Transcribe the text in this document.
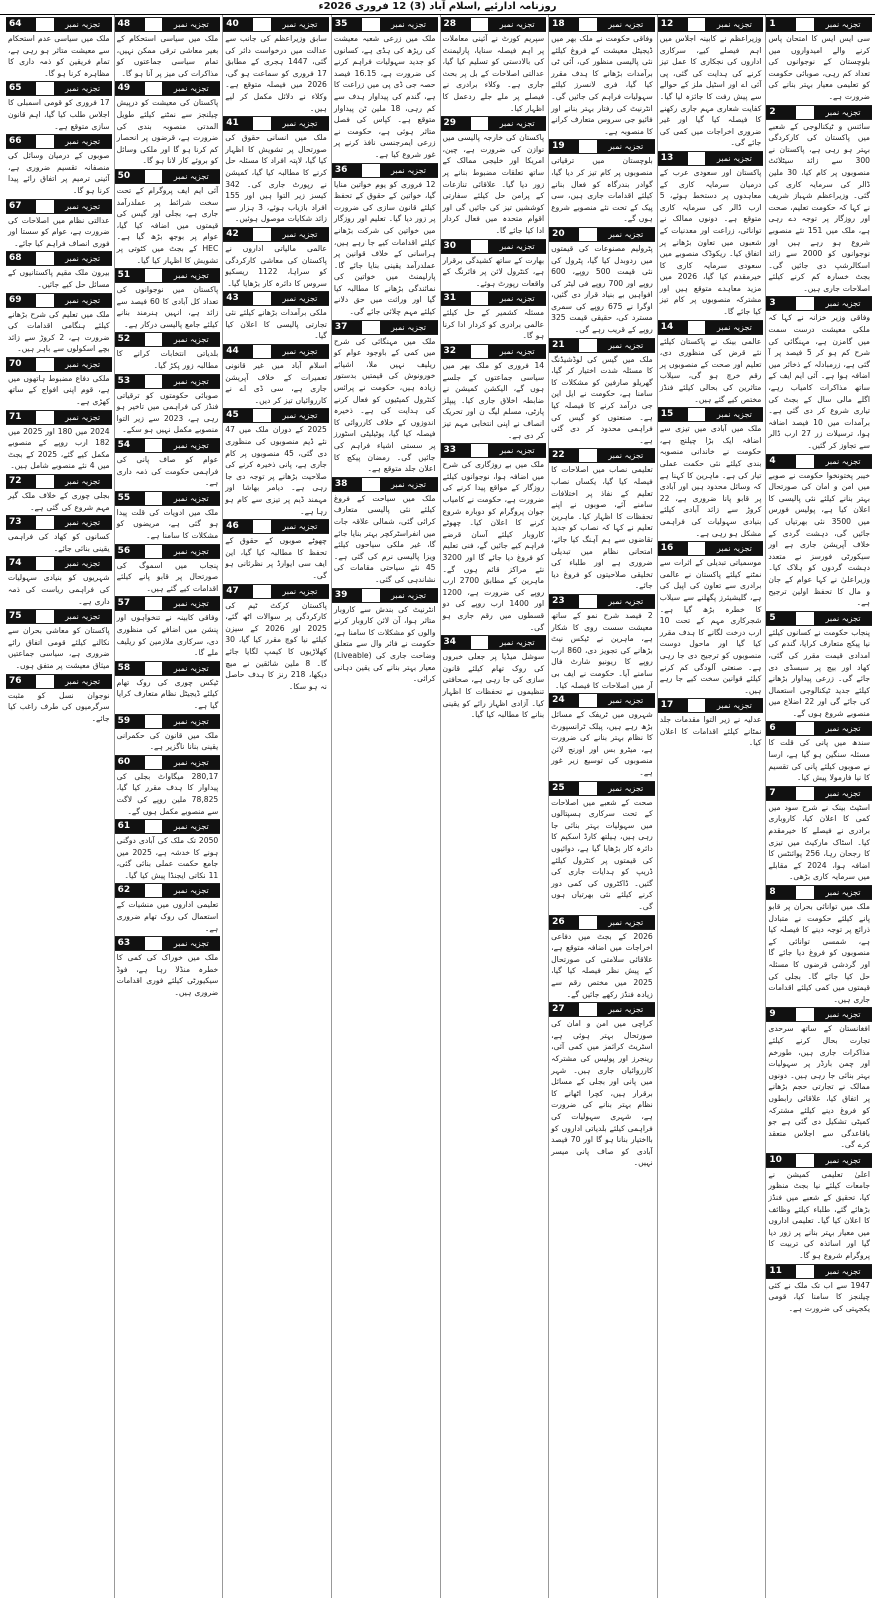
روزنامہ ادارئیے ,اسلام آباد (3) 12 فروری 2026ء
1	تجزیہ نمبر
سی ایس ایس کا امتحان پاس کرنے والے امیدواروں میں بلوچستان کے نوجوانوں کی تعداد کم رہی، صوبائی حکومت کو تعلیمی معیار بہتر بنانے کی ضرورت ہے۔
2	تجزیہ نمبر
سائنس و ٹیکنالوجی کے شعبے میں پاکستان کی کارکردگی بہتر ہو رہی ہے، پاکستان نے 300 سے زائد سیٹلائٹ منصوبوں پر کام کیا، 30 ملین ڈالر کی سرمایہ کاری کی گئی۔ وزیراعظم شہباز شریف نے کہا کہ حکومت تعلیم، صحت اور روزگار پر توجہ دے رہی ہے، ملک میں 151 نئے منصوبے شروع ہو رہے ہیں اور نوجوانوں کو 2000 سے زائد اسکالرشپ دی جائیں گی۔ بجٹ خسارہ کم کرنے کیلئے اصلاحات جاری ہیں۔
3	تجزیہ نمبر
وفاقی وزیر خزانہ نے کہا کہ ملکی معیشت درست سمت میں گامزن ہے، مہنگائی کی شرح کم ہو کر 5 فیصد پر آ گئی ہے، زرمبادلہ کے ذخائر میں اضافہ ہوا ہے۔ آئی ایم ایف کے ساتھ مذاکرات کامیاب رہے، اگلے مالی سال کے بجٹ کی تیاری شروع کر دی گئی ہے۔ برآمدات میں 10 فیصد اضافہ ہوا، ترسیلات زر 27 ارب ڈالر سے تجاوز کر گئیں۔
4	تجزیہ نمبر
خیبر پختونخوا حکومت نے صوبے میں امن و امان کی صورتحال بہتر بنانے کیلئے نئی پالیسی کا اعلان کیا ہے، پولیس فورس میں 3500 نئی بھرتیاں کی جائیں گی، دہشت گردی کے خلاف آپریشن جاری ہے اور سیکورٹی فورسز نے متعدد دہشت گردوں کو ہلاک کیا۔ وزیراعلیٰ نے کہا عوام کے جان و مال کا تحفظ اولین ترجیح ہے۔
5	تجزیہ نمبر
پنجاب حکومت نے کسانوں کیلئے نیا پیکج متعارف کرایا، گندم کی امدادی قیمت مقرر کی گئی، کھاد اور بیج پر سبسڈی دی جائے گی۔ زرعی پیداوار بڑھانے کیلئے جدید ٹیکنالوجی استعمال کی جائے گی اور 22 اضلاع میں منصوبے شروع ہوں گے۔
6	تجزیہ نمبر
سندھ میں پانی کی قلت کا مسئلہ سنگین ہو گیا ہے، ارسا نے صوبوں کیلئے پانی کی تقسیم کا نیا فارمولا پیش کیا۔
7	تجزیہ نمبر
اسٹیٹ بینک نے شرح سود میں کمی کا اعلان کیا، کاروباری برادری نے فیصلے کا خیرمقدم کیا۔ اسٹاک مارکیٹ میں تیزی کا رجحان رہا، 256 پوائنٹس کا اضافہ ہوا، 2024 کے مقابلے میں سرمایہ کاری بڑھی۔
8	تجزیہ نمبر
ملک میں توانائی بحران پر قابو پانے کیلئے حکومت نے متبادل ذرائع پر توجہ دینے کا فیصلہ کیا ہے، شمسی توانائی کے منصوبوں کو فروغ دیا جائے گا اور گردشی قرضوں کا مسئلہ حل کیا جائے گا۔ بجلی کی قیمتوں میں کمی کیلئے اقدامات جاری ہیں۔
9	تجزیہ نمبر
افغانستان کے ساتھ سرحدی تجارت بحال کرنے کیلئے مذاکرات جاری ہیں، طورخم اور چمن بارڈر پر سہولیات بہتر بنائی جا رہی ہیں۔ دونوں ممالک نے تجارتی حجم بڑھانے پر اتفاق کیا، علاقائی رابطوں کو فروغ دینے کیلئے مشترکہ کمیٹی تشکیل دی گئی ہے جو باقاعدگی سے اجلاس منعقد کرے گی۔
10	تجزیہ نمبر
اعلیٰ تعلیمی کمیشن نے جامعات کیلئے نیا بجٹ منظور کیا، تحقیق کے شعبے میں فنڈز بڑھائے گئے، طلباء کیلئے وظائف کا اعلان کیا گیا۔ تعلیمی اداروں میں معیار بہتر بنانے پر زور دیا گیا اور اساتذہ کی تربیت کا پروگرام شروع ہو گا۔
11	تجزیہ نمبر
1947 سے اب تک ملک نے کئی چیلنجز کا سامنا کیا، قومی یکجہتی کی ضرورت ہے۔
12	تجزیہ نمبر
وزیراعظم نے کابینہ اجلاس میں اہم فیصلے کیے، سرکاری اداروں کی نجکاری کا عمل تیز کرنے کی ہدایت کی گئی، پی آئی اے اور اسٹیل ملز کے حوالے سے پیش رفت کا جائزہ لیا گیا۔ کفایت شعاری مہم جاری رکھنے کا فیصلہ کیا گیا اور غیر ضروری اخراجات میں کمی کی جائے گی۔
13	تجزیہ نمبر
پاکستان اور سعودی عرب کے درمیان سرمایہ کاری کے معاہدوں پر دستخط ہوئے، 5 ارب ڈالر کی سرمایہ کاری متوقع ہے۔ دونوں ممالک نے توانائی، زراعت اور معدنیات کے شعبوں میں تعاون بڑھانے پر اتفاق کیا۔ ریکوڈک منصوبے میں سعودی سرمایہ کاری کا خیرمقدم کیا گیا، 2026 میں مزید معاہدے متوقع ہیں اور مشترکہ منصوبوں پر کام تیز کیا جائے گا۔
14	تجزیہ نمبر
عالمی بینک نے پاکستان کیلئے نئے قرض کی منظوری دی، تعلیم اور صحت کے منصوبوں پر رقم خرچ ہو گی، سیلاب متاثرین کی بحالی کیلئے فنڈز مختص کیے گئے ہیں۔
15	تجزیہ نمبر
ملک میں آبادی میں تیزی سے اضافہ ایک بڑا چیلنج ہے، حکومت نے خاندانی منصوبہ بندی کیلئے نئی حکمت عملی تیار کی ہے۔ ماہرین کا کہنا ہے کہ وسائل محدود ہیں اور آبادی پر قابو پانا ضروری ہے، 22 کروڑ سے زائد آبادی کیلئے بنیادی سہولیات کی فراہمی مشکل ہو رہی ہے۔
16	تجزیہ نمبر
موسمیاتی تبدیلی کے اثرات سے نمٹنے کیلئے پاکستان نے عالمی برادری سے تعاون کی اپیل کی ہے، گلیشیئرز پگھلنے سے سیلاب کا خطرہ بڑھ گیا ہے۔ شجرکاری مہم کے تحت 10 ارب درخت لگانے کا ہدف مقرر کیا گیا اور ماحول دوست منصوبوں کو ترجیح دی جا رہی ہے۔ صنعتی آلودگی کم کرنے کیلئے قوانین سخت کیے جا رہے ہیں۔
17	تجزیہ نمبر
عدلیہ نے زیر التوا مقدمات جلد نمٹانے کیلئے اقدامات کا اعلان کیا۔
18	تجزیہ نمبر
وفاقی حکومت نے ملک بھر میں ڈیجیٹل معیشت کے فروغ کیلئے نئی پالیسی منظور کی، آئی ٹی برآمدات بڑھانے کا ہدف مقرر کیا گیا، فری لانسرز کیلئے سہولیات فراہم کی جائیں گی۔ انٹرنیٹ کی رفتار بہتر بنانے اور فائیو جی سروس متعارف کرانے کا منصوبہ ہے۔
19	تجزیہ نمبر
بلوچستان میں ترقیاتی منصوبوں پر کام تیز کر دیا گیا، گوادر بندرگاہ کو فعال بنانے کیلئے اقدامات جاری ہیں، سی پیک کے تحت نئے منصوبے شروع ہوں گے۔
20	تجزیہ نمبر
پٹرولیم مصنوعات کی قیمتوں میں ردوبدل کیا گیا، پٹرول کی نئی قیمت 500 روپے، 600 روپے اور 700 روپے فی لیٹر کی افواہیں بے بنیاد قرار دی گئیں، اوگرا نے 675 روپے کی سمری مسترد کی، حقیقی قیمت 325 روپے کے قریب رہے گی۔
21	تجزیہ نمبر
ملک میں گیس کی لوڈشیڈنگ کا مسئلہ شدت اختیار کر گیا، گھریلو صارفین کو مشکلات کا سامنا ہے، حکومت نے ایل این جی درآمد کرنے کا فیصلہ کیا ہے۔ صنعتوں کو گیس کی فراہمی محدود کر دی گئی ہے۔
22	تجزیہ نمبر
تعلیمی نصاب میں اصلاحات کا فیصلہ کیا گیا، یکساں نصاب تعلیم کے نفاذ پر اختلافات سامنے آئے، صوبوں نے اپنے تحفظات کا اظہار کیا۔ ماہرین تعلیم نے کہا کہ نصاب کو جدید تقاضوں سے ہم آہنگ کیا جائے، امتحانی نظام میں تبدیلی ضروری ہے اور طلباء کی تخلیقی صلاحیتوں کو فروغ دیا جائے۔
23	تجزیہ نمبر
2 فیصد شرح نمو کے ساتھ معیشت سست روی کا شکار ہے، ماہرین نے ٹیکس نیٹ بڑھانے کی تجویز دی، 860 ارب روپے کا ریونیو شارٹ فال سامنے آیا۔ حکومت نے ایف بی آر میں اصلاحات کا فیصلہ کیا۔
24	تجزیہ نمبر
شہروں میں ٹریفک کے مسائل بڑھ رہے ہیں، پبلک ٹرانسپورٹ کا نظام بہتر بنانے کی ضرورت ہے، میٹرو بس اور اورنج لائن منصوبوں کی توسیع زیر غور ہے۔
25	تجزیہ نمبر
صحت کے شعبے میں اصلاحات کے تحت سرکاری ہسپتالوں میں سہولیات بہتر بنائی جا رہی ہیں، ہیلتھ کارڈ اسکیم کا دائرہ کار بڑھایا گیا ہے، دوائیوں کی قیمتوں پر کنٹرول کیلئے ڈریپ کو ہدایات جاری کی گئیں۔ ڈاکٹروں کی کمی دور کرنے کیلئے نئی بھرتیاں ہوں گی۔
26	تجزیہ نمبر
2026 کے بجٹ میں دفاعی اخراجات میں اضافہ متوقع ہے، علاقائی سلامتی کی صورتحال کے پیش نظر فیصلہ کیا گیا، 2025 میں مختص رقم سے زیادہ فنڈز رکھے جائیں گے۔
27	تجزیہ نمبر
کراچی میں امن و امان کی صورتحال بہتر ہوئی ہے، اسٹریٹ کرائمز میں کمی آئی، رینجرز اور پولیس کی مشترکہ کارروائیاں جاری ہیں۔ شہر میں پانی اور بجلی کے مسائل برقرار ہیں، کچرا اٹھانے کا نظام بہتر بنانے کی ضرورت ہے، شہری سہولیات کی فراہمی کیلئے بلدیاتی اداروں کو بااختیار بنانا ہو گا اور 70 فیصد آبادی کو صاف پانی میسر نہیں۔
28	تجزیہ نمبر
سپریم کورٹ نے آئینی معاملات پر اہم فیصلہ سنایا، پارلیمنٹ کی بالادستی کو تسلیم کیا گیا، عدالتی اصلاحات کے بل پر بحث جاری ہے۔ وکلاء برادری نے فیصلے پر ملے جلے ردعمل کا اظہار کیا۔
29	تجزیہ نمبر
پاکستان کی خارجہ پالیسی میں توازن کی ضرورت ہے، چین، امریکا اور خلیجی ممالک کے ساتھ تعلقات مضبوط بنانے پر زور دیا گیا۔ علاقائی تنازعات کے پرامن حل کیلئے سفارتی کوششیں تیز کی جائیں گی اور اقوام متحدہ میں فعال کردار ادا کیا جائے گا۔
30	تجزیہ نمبر
بھارت کے ساتھ کشیدگی برقرار ہے، کنٹرول لائن پر فائرنگ کے واقعات رپورٹ ہوئے۔
31	تجزیہ نمبر
مسئلہ کشمیر کے حل کیلئے عالمی برادری کو کردار ادا کرنا ہو گا۔
32	تجزیہ نمبر
14 فروری کو ملک بھر میں سیاسی جماعتوں کے جلسے ہوں گے، الیکشن کمیشن نے ضابطہ اخلاق جاری کیا۔ پیپلز پارٹی، مسلم لیگ ن اور تحریک انصاف نے اپنی انتخابی مہم تیز کر دی ہے۔
33	تجزیہ نمبر
ملک میں بے روزگاری کی شرح میں اضافہ ہوا، نوجوانوں کیلئے روزگار کے مواقع پیدا کرنے کی ضرورت ہے، حکومت نے کامیاب جوان پروگرام کو دوبارہ شروع کرنے کا اعلان کیا۔ چھوٹے کاروبار کیلئے آسان قرضے فراہم کیے جائیں گے، فنی تعلیم کو فروغ دیا جائے گا اور 3200 نئے مراکز قائم ہوں گے۔ ماہرین کے مطابق 2700 ارب روپے کی ضرورت ہے، 1200 اور 1400 ارب روپے کی دو قسطوں میں رقم جاری ہو گی۔
34	تجزیہ نمبر
سوشل میڈیا پر جعلی خبروں کی روک تھام کیلئے قانون سازی کی جا رہی ہے، صحافتی تنظیموں نے تحفظات کا اظہار کیا۔ آزادی اظہار رائے کو یقینی بنانے کا مطالبہ کیا گیا۔
35	تجزیہ نمبر
ملک میں زرعی شعبہ معیشت کی ریڑھ کی ہڈی ہے، کسانوں کو جدید سہولیات فراہم کرنے کی ضرورت ہے، 16.15 فیصد حصہ جی ڈی پی میں زراعت کا ہے، گندم کی پیداوار ہدف سے کم رہی، 18 ملین ٹن پیداوار متوقع ہے۔ کپاس کی فصل متاثر ہوئی ہے، حکومت نے زرعی ایمرجنسی نافذ کرنے پر غور شروع کیا ہے۔
36	تجزیہ نمبر
12 فروری کو یوم خواتین منایا گیا، خواتین کے حقوق کے تحفظ کیلئے قانون سازی کی ضرورت پر زور دیا گیا۔ تعلیم اور روزگار میں خواتین کی شرکت بڑھانے کیلئے اقدامات کیے جا رہے ہیں، ہراسانی کے خلاف قوانین پر عملدرآمد یقینی بنایا جائے گا۔ پارلیمنٹ میں خواتین کی نمائندگی بڑھانے کا مطالبہ کیا گیا اور وراثت میں حق دلانے کیلئے مہم چلائی جائے گی۔
37	تجزیہ نمبر
ملک میں مہنگائی کی شرح میں کمی کے باوجود عوام کو ریلیف نہیں ملا، اشیائے خورونوش کی قیمتیں بدستور زیادہ ہیں، حکومت نے پرائس کنٹرول کمیٹیوں کو فعال کرنے کی ہدایت کی ہے۔ ذخیرہ اندوزوں کے خلاف کارروائی کا فیصلہ کیا گیا، یوٹیلیٹی اسٹورز پر سستی اشیاء فراہم کی جائیں گی۔ رمضان پیکج کا اعلان جلد متوقع ہے۔
38	تجزیہ نمبر
ملک میں سیاحت کے فروغ کیلئے نئی پالیسی متعارف کرائی گئی، شمالی علاقہ جات میں انفراسٹرکچر بہتر بنایا جائے گا، غیر ملکی سیاحوں کیلئے ویزا پالیسی نرم کی گئی ہے۔ 45 نئے سیاحتی مقامات کی نشاندہی کی گئی۔
39	تجزیہ نمبر
انٹرنیٹ کی بندش سے کاروبار متاثر ہوا، آن لائن کاروبار کرنے والوں کو مشکلات کا سامنا ہے، حکومت نے فائر وال سے متعلق وضاحت جاری کی (Liveable) معیار بہتر بنانے کی یقین دہانی کرائی۔
40	تجزیہ نمبر
سابق وزیراعظم کی جانب سے عدالت میں درخواست دائر کی گئی، 1447 ہجری کے مطابق 17 فروری کو سماعت ہو گی، 2026 میں فیصلہ متوقع ہے۔ وکلاء نے دلائل مکمل کر لیے ہیں۔
41	تجزیہ نمبر
ملک میں انسانی حقوق کی صورتحال پر تشویش کا اظہار کیا گیا، لاپتہ افراد کا مسئلہ حل کرنے کا مطالبہ کیا گیا، کمیشن نے رپورٹ جاری کی۔ 342 کیسز زیر التوا ہیں اور 155 افراد بازیاب ہوئے، 3 ہزار سے زائد شکایات موصول ہوئیں۔
42	تجزیہ نمبر
عالمی مالیاتی اداروں نے پاکستان کی معاشی کارکردگی کو سراہا، 1122 ریسکیو سروس کا دائرہ کار بڑھایا گیا۔
43	تجزیہ نمبر
ملکی برآمدات بڑھانے کیلئے نئی تجارتی پالیسی کا اعلان کیا گیا۔
44	تجزیہ نمبر
اسلام آباد میں غیر قانونی تعمیرات کے خلاف آپریشن جاری ہے، سی ڈی اے نے کارروائیاں تیز کر دیں۔
45	تجزیہ نمبر
2025 کے دوران ملک میں 47 نئے ڈیم منصوبوں کی منظوری دی گئی، 45 منصوبوں پر کام جاری ہے، پانی ذخیرہ کرنے کی صلاحیت بڑھانے پر توجہ دی جا رہی ہے۔ دیامر بھاشا اور مہمند ڈیم پر تیزی سے کام ہو رہا ہے۔
46	تجزیہ نمبر
چھوٹے صوبوں کے حقوق کے تحفظ کا مطالبہ کیا گیا، این ایف سی ایوارڈ پر نظرثانی ہو گی۔
47	تجزیہ نمبر
پاکستان کرکٹ ٹیم کی کارکردگی پر سوالات اٹھ گئے، 2025 اور 2026 کے سیزن کیلئے نیا کوچ مقرر کیا گیا، 30 کھلاڑیوں کا کیمپ لگایا جائے گا۔ 8 ملین شائقین نے میچ دیکھا، 218 رنز کا ہدف حاصل نہ ہو سکا۔
48	تجزیہ نمبر
ملک میں سیاسی استحکام کے بغیر معاشی ترقی ممکن نہیں، تمام سیاسی جماعتوں کو مذاکرات کی میز پر آنا ہو گا۔
49	تجزیہ نمبر
پاکستان کی معیشت کو درپیش چیلنجز سے نمٹنے کیلئے طویل المدتی منصوبہ بندی کی ضرورت ہے، قرضوں پر انحصار کم کرنا ہو گا اور ملکی وسائل کو بروئے کار لانا ہو گا۔
50	تجزیہ نمبر
آئی ایم ایف پروگرام کے تحت سخت شرائط پر عملدرآمد جاری ہے، بجلی اور گیس کی قیمتوں میں اضافہ کیا گیا، عوام پر بوجھ بڑھ گیا ہے۔ HEC کے بجٹ میں کٹوتی پر تشویش کا اظہار کیا گیا۔
51	تجزیہ نمبر
پاکستان میں نوجوانوں کی تعداد کل آبادی کا 60 فیصد سے زائد ہے، انہیں ہنرمند بنانے کیلئے جامع پالیسی درکار ہے۔
52	تجزیہ نمبر
بلدیاتی انتخابات کرانے کا مطالبہ زور پکڑ گیا۔
53	تجزیہ نمبر
صوبائی حکومتوں کو ترقیاتی فنڈز کی فراہمی میں تاخیر ہو رہی ہے، 2023 سے زیر التوا منصوبے مکمل نہیں ہو سکے۔
54	تجزیہ نمبر
عوام کو صاف پانی کی فراہمی حکومت کی ذمہ داری ہے۔
55	تجزیہ نمبر
ملک میں ادویات کی قلت پیدا ہو گئی ہے، مریضوں کو مشکلات کا سامنا ہے۔
56	تجزیہ نمبر
پنجاب میں اسموگ کی صورتحال پر قابو پانے کیلئے اقدامات کیے گئے ہیں۔
57	تجزیہ نمبر
وفاقی کابینہ نے تنخواہوں اور پنشن میں اضافے کی منظوری دی، سرکاری ملازمین کو ریلیف ملے گا۔
58	تجزیہ نمبر
ٹیکس چوری کی روک تھام کیلئے ڈیجیٹل نظام متعارف کرایا گیا ہے۔
59	تجزیہ نمبر
ملک میں قانون کی حکمرانی یقینی بنانا ناگزیر ہے۔
60	تجزیہ نمبر
280,17 میگاواٹ بجلی کی پیداوار کا ہدف مقرر کیا گیا، 78,825 ملین روپے کی لاگت سے منصوبے مکمل ہوں گے۔
61	تجزیہ نمبر
2050 تک ملک کی آبادی دوگنی ہونے کا خدشہ ہے، 2025 میں جامع حکمت عملی بنائی گئی، 11 نکاتی ایجنڈا پیش کیا گیا۔
62	تجزیہ نمبر
تعلیمی اداروں میں منشیات کے استعمال کی روک تھام ضروری ہے۔
63	تجزیہ نمبر
ملک میں خوراک کی کمی کا خطرہ منڈلا رہا ہے، فوڈ سیکیورٹی کیلئے فوری اقدامات ضروری ہیں۔
64	تجزیہ نمبر
ملک میں سیاسی عدم استحکام سے معیشت متاثر ہو رہی ہے، تمام فریقین کو ذمہ داری کا مظاہرہ کرنا ہو گا۔
65	تجزیہ نمبر
17 فروری کو قومی اسمبلی کا اجلاس طلب کیا گیا، اہم قانون سازی متوقع ہے۔
66	تجزیہ نمبر
صوبوں کے درمیان وسائل کی منصفانہ تقسیم ضروری ہے، آئینی ترمیم پر اتفاق رائے پیدا کرنا ہو گا۔
67	تجزیہ نمبر
عدالتی نظام میں اصلاحات کی ضرورت ہے، عوام کو سستا اور فوری انصاف فراہم کیا جائے۔
68	تجزیہ نمبر
بیرون ملک مقیم پاکستانیوں کے مسائل حل کیے جائیں۔
69	تجزیہ نمبر
ملک میں تعلیم کی شرح بڑھانے کیلئے ہنگامی اقدامات کی ضرورت ہے، 2 کروڑ سے زائد بچے اسکولوں سے باہر ہیں۔
70	تجزیہ نمبر
ملکی دفاع مضبوط ہاتھوں میں ہے، قوم اپنی افواج کے ساتھ کھڑی ہے۔
71	تجزیہ نمبر
2024 میں 180 اور 2025 میں 182 ارب روپے کے منصوبے مکمل کیے گئے، 2025 کے بجٹ میں 4 نئے منصوبے شامل ہیں۔
72	تجزیہ نمبر
بجلی چوری کے خلاف ملک گیر مہم شروع کی گئی ہے۔
73	تجزیہ نمبر
کسانوں کو کھاد کی فراہمی یقینی بنائی جائے۔
74	تجزیہ نمبر
شہریوں کو بنیادی سہولیات کی فراہمی ریاست کی ذمہ داری ہے۔
75	تجزیہ نمبر
پاکستان کو معاشی بحران سے نکالنے کیلئے قومی اتفاق رائے ضروری ہے، سیاسی جماعتیں میثاق معیشت پر متفق ہوں۔
76	تجزیہ نمبر
نوجوان نسل کو مثبت سرگرمیوں کی طرف راغب کیا جائے۔
